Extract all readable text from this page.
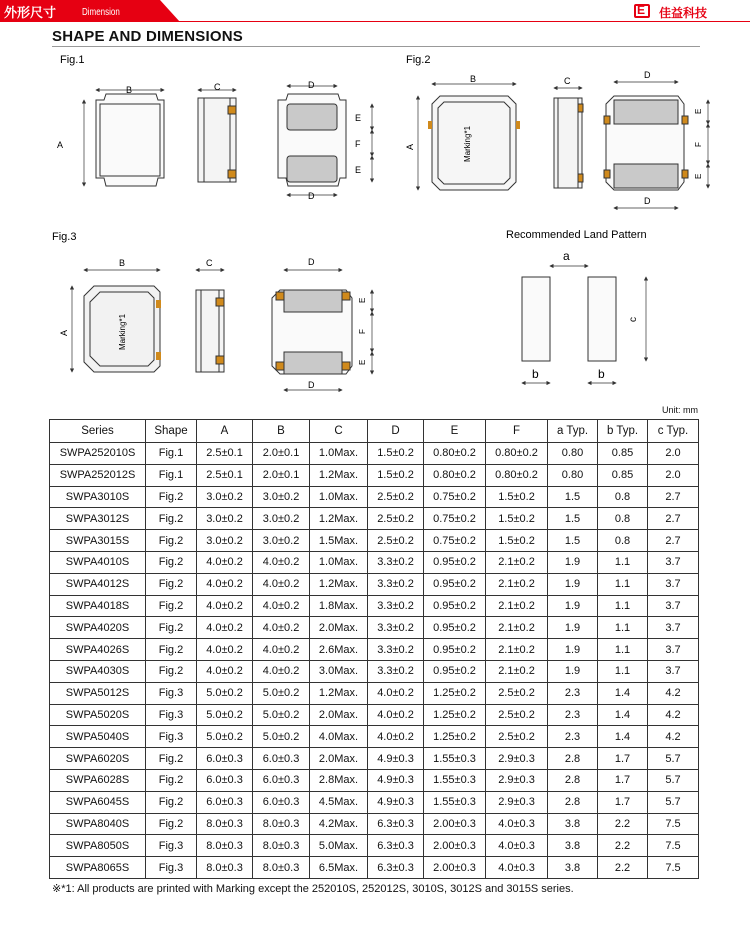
外形尺寸	Dimension	E 佳益科技
SHAPE AND DIMENSIONS
Fig.1
B
A
C	D
D
E
F
E
Fig.2
Marking*1
B
A
C
D
D
E
F
E
Fig.3
Marking*1
B
A
C	D
D
E
F
E
Recommended Land Pattern
a
c
b	b
Unit: mm
Series	Shape	A	B	C	D	E	F	a Typ.	b Typ.	c Typ.
SWPA252010S	Fig.1	2.5±0.1	2.0±0.1	1.0Max.	1.5±0.2	0.80±0.2	0.80±0.2	0.80	0.85	2.0
SWPA252012S	Fig.1	2.5±0.1	2.0±0.1	1.2Max.	1.5±0.2	0.80±0.2	0.80±0.2	0.80	0.85	2.0
SWPA3010S	Fig.2	3.0±0.2	3.0±0.2	1.0Max.	2.5±0.2	0.75±0.2	1.5±0.2	1.5	0.8	2.7
SWPA3012S	Fig.2	3.0±0.2	3.0±0.2	1.2Max.	2.5±0.2	0.75±0.2	1.5±0.2	1.5	0.8	2.7
SWPA3015S	Fig.2	3.0±0.2	3.0±0.2	1.5Max.	2.5±0.2	0.75±0.2	1.5±0.2	1.5	0.8	2.7
SWPA4010S	Fig.2	4.0±0.2	4.0±0.2	1.0Max.	3.3±0.2	0.95±0.2	2.1±0.2	1.9	1.1	3.7
SWPA4012S	Fig.2	4.0±0.2	4.0±0.2	1.2Max.	3.3±0.2	0.95±0.2	2.1±0.2	1.9	1.1	3.7
SWPA4018S	Fig.2	4.0±0.2	4.0±0.2	1.8Max.	3.3±0.2	0.95±0.2	2.1±0.2	1.9	1.1	3.7
SWPA4020S	Fig.2	4.0±0.2	4.0±0.2	2.0Max.	3.3±0.2	0.95±0.2	2.1±0.2	1.9	1.1	3.7
SWPA4026S	Fig.2	4.0±0.2	4.0±0.2	2.6Max.	3.3±0.2	0.95±0.2	2.1±0.2	1.9	1.1	3.7
SWPA4030S	Fig.2	4.0±0.2	4.0±0.2	3.0Max.	3.3±0.2	0.95±0.2	2.1±0.2	1.9	1.1	3.7
SWPA5012S	Fig.3	5.0±0.2	5.0±0.2	1.2Max.	4.0±0.2	1.25±0.2	2.5±0.2	2.3	1.4	4.2
SWPA5020S	Fig.3	5.0±0.2	5.0±0.2	2.0Max.	4.0±0.2	1.25±0.2	2.5±0.2	2.3	1.4	4.2
SWPA5040S	Fig.3	5.0±0.2	5.0±0.2	4.0Max.	4.0±0.2	1.25±0.2	2.5±0.2	2.3	1.4	4.2
SWPA6020S	Fig.2	6.0±0.3	6.0±0.3	2.0Max.	4.9±0.3	1.55±0.3	2.9±0.3	2.8	1.7	5.7
SWPA6028S	Fig.2	6.0±0.3	6.0±0.3	2.8Max.	4.9±0.3	1.55±0.3	2.9±0.3	2.8	1.7	5.7
SWPA6045S	Fig.2	6.0±0.3	6.0±0.3	4.5Max.	4.9±0.3	1.55±0.3	2.9±0.3	2.8	1.7	5.7
SWPA8040S	Fig.2	8.0±0.3	8.0±0.3	4.2Max.	6.3±0.3	2.00±0.3	4.0±0.3	3.8	2.2	7.5
SWPA8050S	Fig.3	8.0±0.3	8.0±0.3	5.0Max.	6.3±0.3	2.00±0.3	4.0±0.3	3.8	2.2	7.5
SWPA8065S	Fig.3	8.0±0.3	8.0±0.3	6.5Max.	6.3±0.3	2.00±0.3	4.0±0.3	3.8	2.2	7.5
※*1: All products are printed with Marking except the 252010S, 252012S, 3010S, 3012S and 3015S series.
